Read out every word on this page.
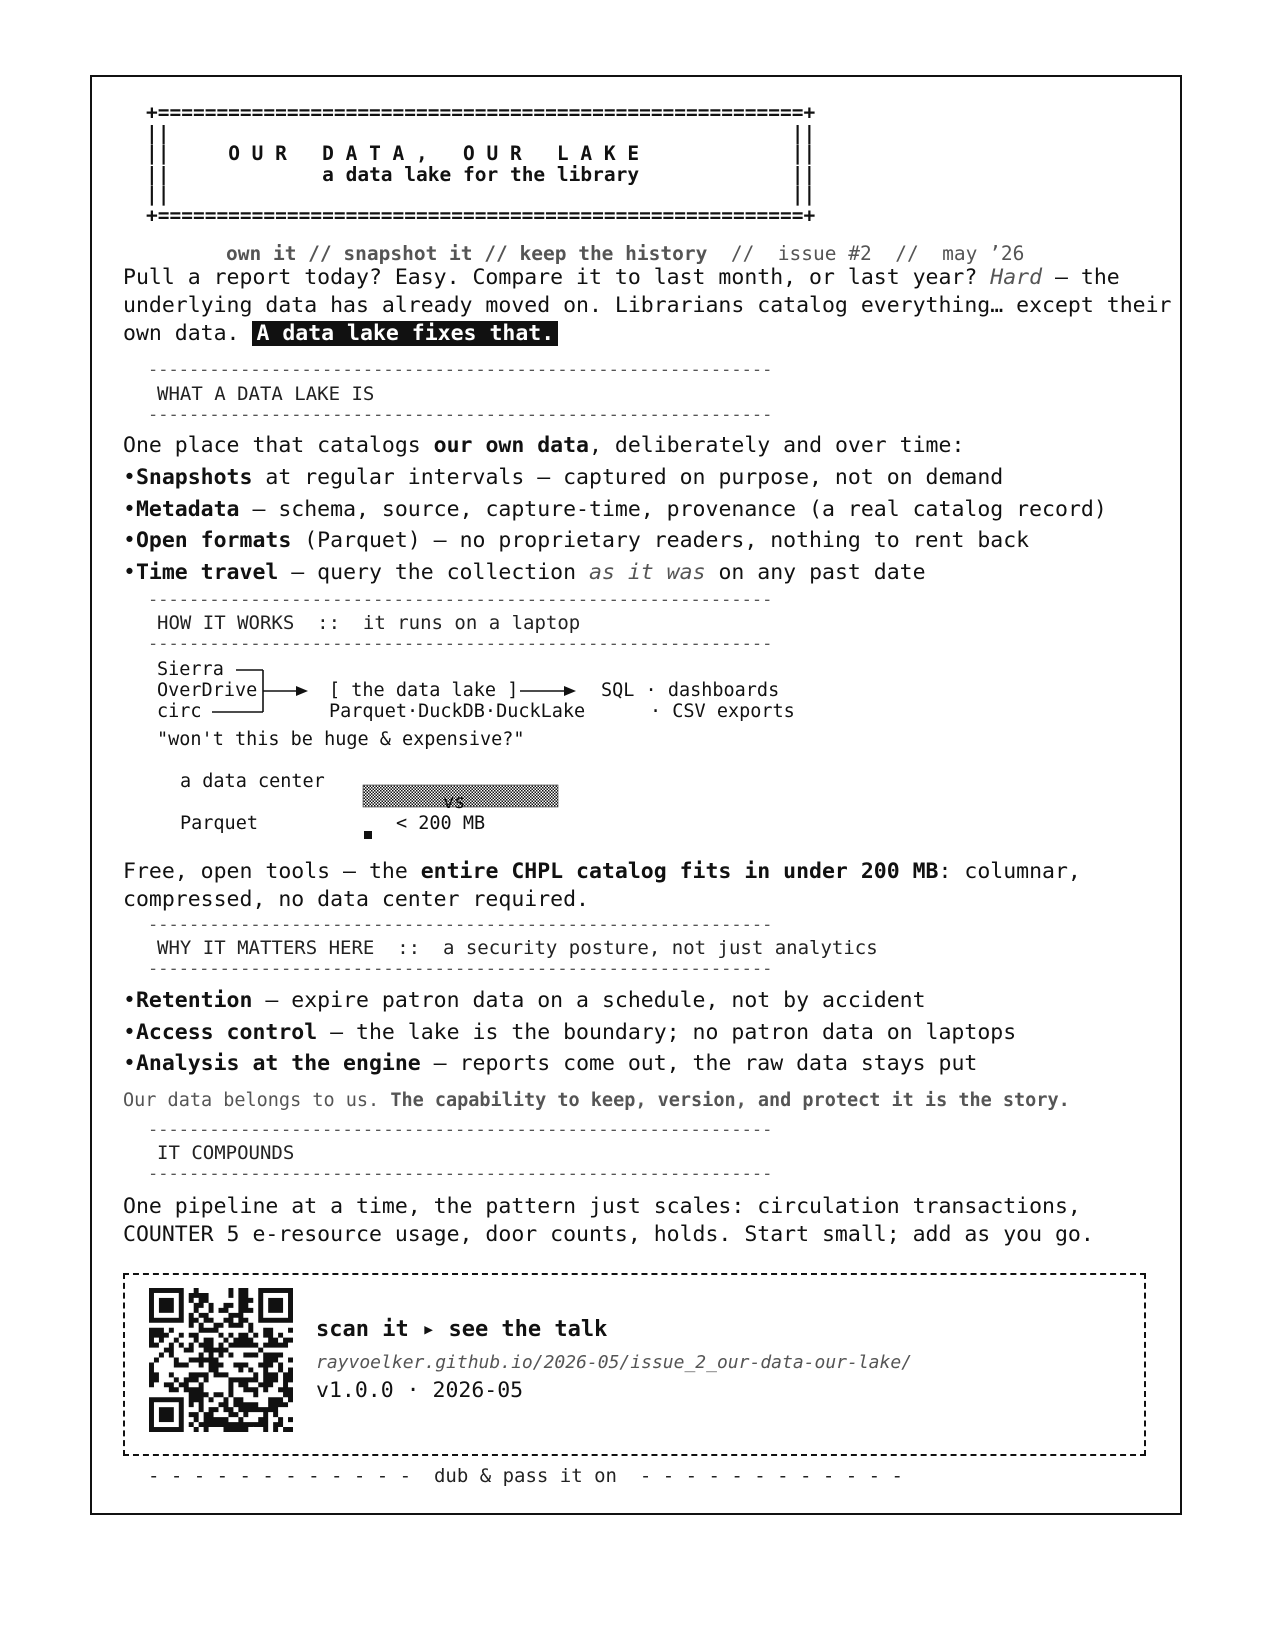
+=======================================================+
||                                                     ||
||	O U R   D A T A ,   O U R   L A K E	||
||	a data lake for the library	||
||                                                     ||
+=======================================================+
own it // snapshot it // keep the history  //  issue #2  //  may ’26
Pull a report today? Easy. Compare it to last month, or last year? Hard — the underlying data has already moved on. Librarians catalog everything… except their own data. A data lake fixes that.
-------------------------------------------------------------
WHAT A DATA LAKE IS
-------------------------------------------------------------
One place that catalogs our own data, deliberately and over time:
• Snapshots at regular intervals — captured on purpose, not on demand
• Metadata — schema, source, capture-time, provenance (a real catalog record)
• Open formats (Parquet) — no proprietary readers, nothing to rent back
• Time travel — query the collection as it was on any past date
-------------------------------------------------------------
HOW IT WORKS  ::  it runs on a laptop
-------------------------------------------------------------
Sierra
OverDrive
circ
[ the data lake ]
Parquet·DuckDB·DuckLake
SQL · dashboards
· CSV exports
"won't this be huge & expensive?"
a data center
vs
Parquet	< 200 MB
Free, open tools — the entire CHPL catalog fits in under 200 MB: columnar, compressed, no data center required.
-------------------------------------------------------------
WHY IT MATTERS HERE  ::  a security posture, not just analytics
-------------------------------------------------------------
• Retention — expire patron data on a schedule, not by accident
• Access control — the lake is the boundary; no patron data on laptops
• Analysis at the engine — reports come out, the raw data stays put
Our data belongs to us. The capability to keep, version, and protect it is the story.
-------------------------------------------------------------
IT COMPOUNDS
-------------------------------------------------------------
One pipeline at a time, the pattern just scales: circulation transactions, COUNTER 5 e-resource usage, door counts, holds. Start small; add as you go.
scan it ▸ see the talk
rayvoelker.github.io/2026-05/issue_2_our-data-our-lake/
v1.0.0 · 2026-05
- - - - - - - - - - - -  dub & pass it on  - - - - - - - - - - - -
